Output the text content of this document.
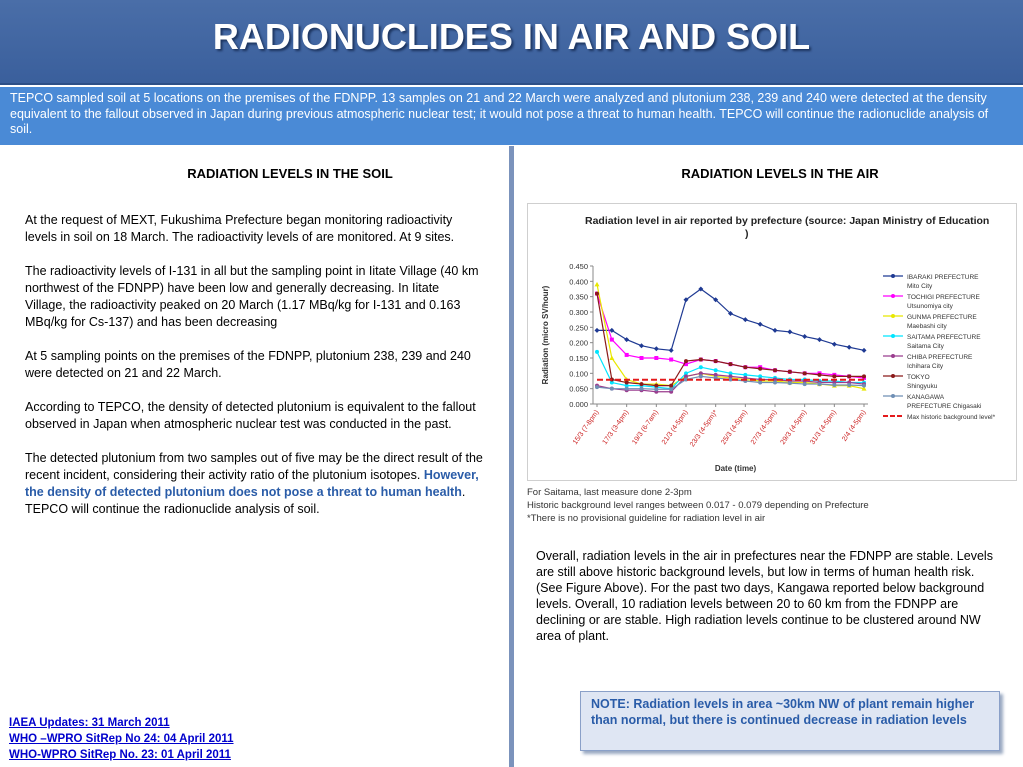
RADIONUCLIDES IN AIR AND SOIL
TEPCO sampled soil at 5 locations on the premises of the FDNPP. 13 samples on 21 and 22 March were analyzed and plutonium 238, 239 and 240 were detected at the density equivalent to the fallout observed in Japan during previous atmospheric nuclear test; it would not pose a threat to human health. TEPCO will continue the radionuclide analysis of soil.
RADIATION LEVELS IN THE SOIL	RADIATION LEVELS IN THE AIR

At the request of MEXT, Fukushima Prefecture began monitoring radioactivity levels in soil on 18 March. The radioactivity levels of are monitored. At 9 sites.

The radioactivity levels of I-131 in all but the sampling point in Iitate Village (40 km northwest of the FDNPP) have been low and generally decreasing. In Iitate Village, the radioactivity peaked on 20 March (1.17 MBq/kg for I-131 and 0.163 MBq/kg for Cs-137) and has been decreasing

At 5 sampling points on the premises of the FDNPP, plutonium 238, 239 and 240 were detected on 21 and 22 March.

According to TEPCO, the density of detected plutonium is equivalent to the fallout observed in Japan when atmospheric nuclear test was conducted in the past.

The detected plutonium from two samples out of five may be the direct result of the recent incident, considering their activity ratio of the plutonium isotopes. However, the density of detected plutonium does not pose a threat to human health. TEPCO will continue the radionuclide analysis of soil.

Radiation level in air reported by prefecture (source: Japan Ministry of Education )
0.000
0.050
0.100
0.150
0.200
0.250
0.300
0.350
0.400
0.450
Radiation (micro SV/hour)
15/3 (7-8pm) 17/3 (3-4pm) 19/3 (6-7am) 21/3 (4-5pm) 23/3 (4-5pm)* 25/3 (4-5pm) 27/3 (4-5pm) 29/3 (4-5pm) 31/3 (4-5pm) 2/4 (4-5pm)
Date (time)
IBARAKI PREFECTURE
Mito City
TOCHIGI PREFECTURE
Utsunomiya city
GUNMA PREFECTURE
Maebashi city
SAITAMA PREFECTURE
Saitama City
CHIBA PREFECTURE
Ichihara City
TOKYO
Shingyuku
KANAGAWA
PREFECTURE Chigasaki
Max historic background level*
For Saitama, last measure done 2-3pm
Historic background level ranges between 0.017 - 0.079 depending on Prefecture
*There is no provisional guideline for radiation level in air
Overall, radiation levels in the air in prefectures near the FDNPP are stable. Levels are still above historic background levels, but low in terms of human health risk. (See Figure Above). For the past two days, Kangawa reported below background levels. Overall, 10 radiation levels between 20 to 60 km from the FDNPP are declining or are stable. High radiation levels continue to be clustered around NW area of plant.
NOTE: Radiation levels in area ~30km NW of plant remain higher than normal, but there is continued decrease in radiation levels
IAEA Updates: 31 March 2011
WHO –WPRO SitRep No 24: 04 April 2011
WHO-WPRO SitRep No. 23: 01 April 2011
